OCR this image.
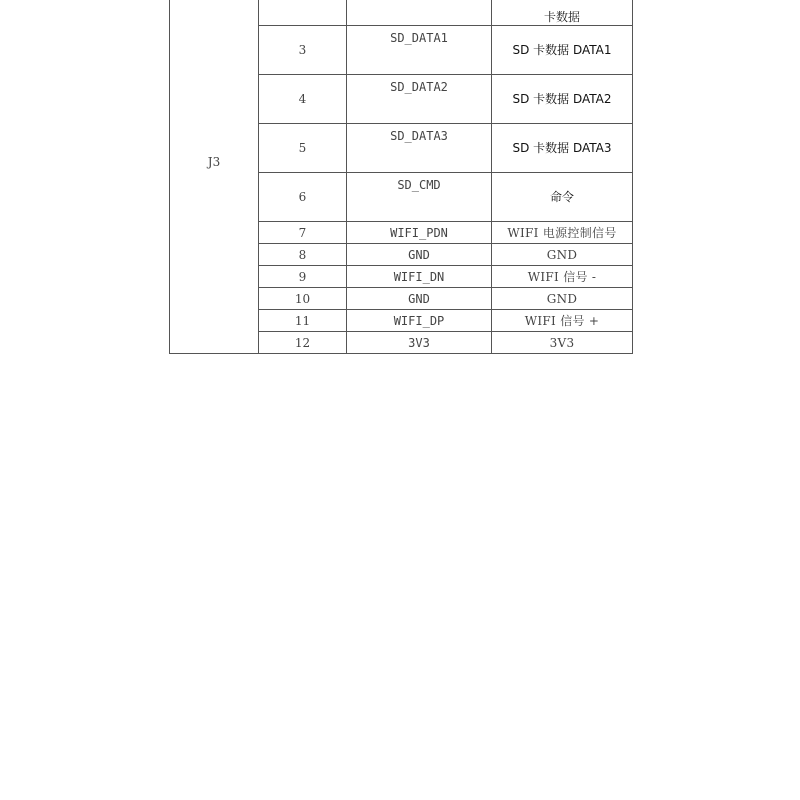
J3			卡数据
	3	SD_DATA1	SD 卡数据 DATA1
	4	SD_DATA2	SD 卡数据 DATA2
	5	SD_DATA3	SD 卡数据 DATA3
	6	SD_CMD	命令
	7	WIFI_PDN	WIFI 电源控制信号
	8	GND	GND
	9	WIFI_DN	WIFI 信号 -
	10	GND	GND
	11	WIFI_DP	WIFI 信号 +
	12	3V3	3V3
